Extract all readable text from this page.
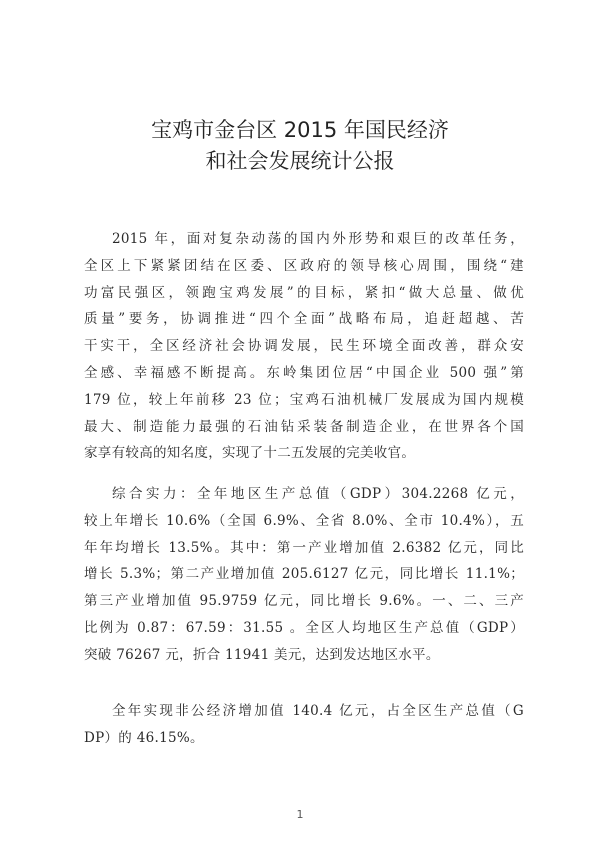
宝鸡市金台区 2015 年国民经济
和社会发展统计公报
2015 年，面对复杂动荡的国内外形势和艰巨的改革任务，
全区上下紧紧团结在区委、区政府的领导核心周围，围绕“建
功富民强区，领跑宝鸡发展”的目标，紧扣“做大总量、做优
质量”要务，协调推进“四个全面”战略布局，追赶超越、苦
干实干，全区经济社会协调发展，民生环境全面改善，群众安
全感、幸福感不断提高。东岭集团位居“中国企业 500 强”第
179 位，较上年前移 23 位；宝鸡石油机械厂发展成为国内规模
最大、制造能力最强的石油钻采装备制造企业，在世界各个国
家享有较高的知名度，实现了十二五发展的完美收官。
综合实力：全年地区生产总值（GDP）304.2268 亿元，
较上年增长 10.6%（全国 6.9%、全省 8.0%、全市 10.4%），五
年年均增长 13.5%。其中：第一产业增加值 2.6382 亿元，同比
增长 5.3%；第二产业增加值 205.6127 亿元，同比增长 11.1%；
第三产业增加值 95.9759 亿元，同比增长 9.6%。一、二、三产
比例为 0.87：67.59：31.55 。全区人均地区生产总值（GDP）
突破 76267 元，折合 11941 美元，达到发达地区水平。
全年实现非公经济增加值 140.4 亿元，占全区生产总值（G
DP）的 46.15%。
1
